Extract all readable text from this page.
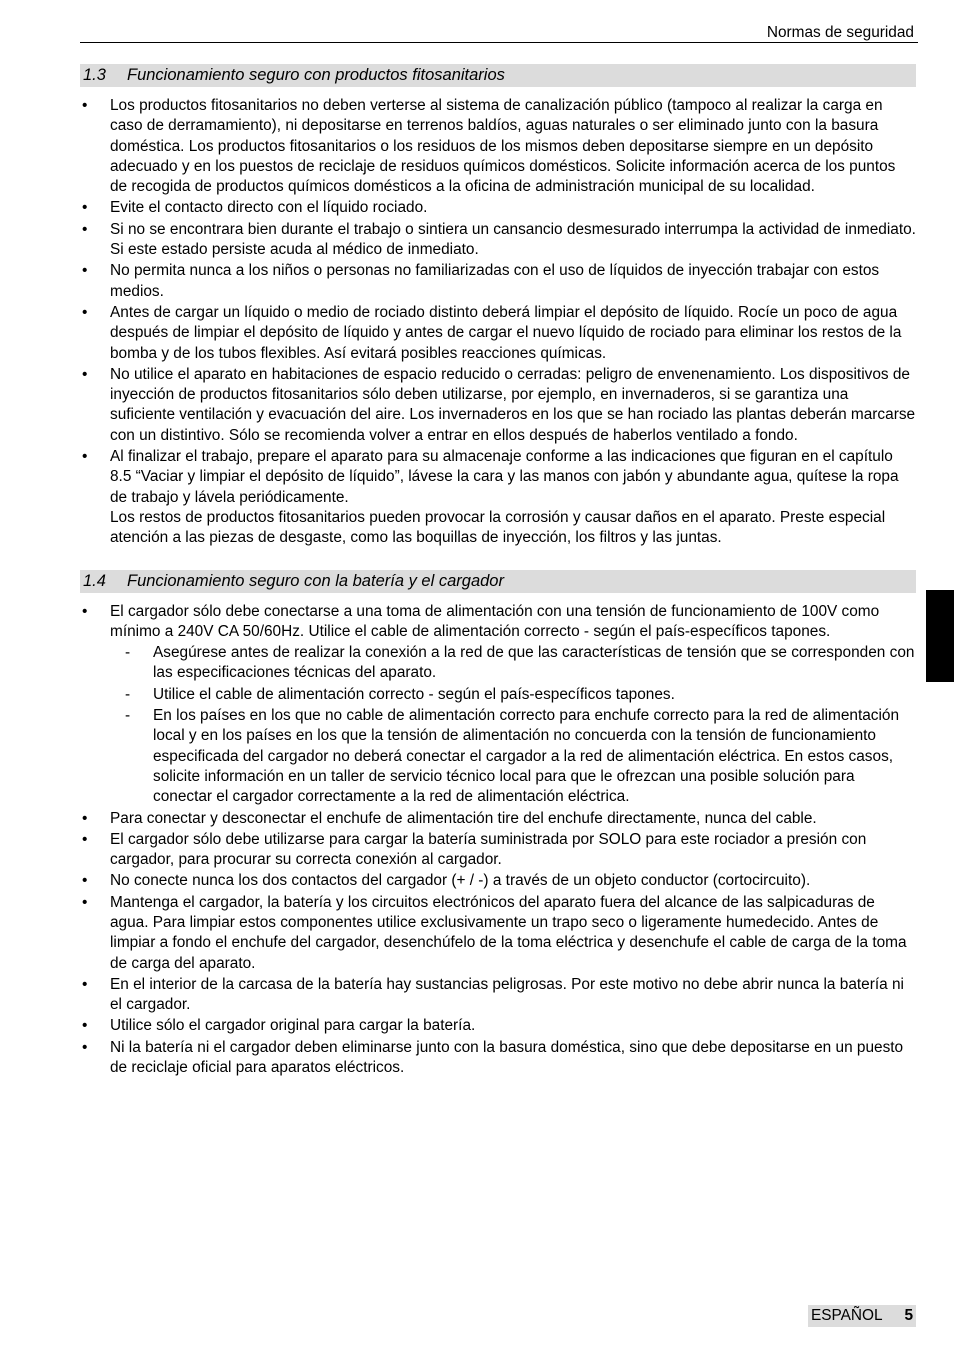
Normas de seguridad
1.3 Funcionamiento seguro con productos fitosanitarios
• Los productos fitosanitarios no deben verterse al sistema de canalización público (tampoco al realizar la carga en caso de derramamiento), ni depositarse en terrenos baldíos, aguas naturales o ser eliminado junto con la basura doméstica. Los productos fitosanitarios o los residuos de los mismos deben depositarse siempre en un depósito adecuado y en los puestos de reciclaje de residuos químicos domésticos. Solicite información acerca de los puntos de recogida de productos químicos domésticos a la oficina de administración municipal de su localidad.
• Evite el contacto directo con el líquido rociado.
• Si no se encontrara bien durante el trabajo o sintiera un cansancio desmesurado interrumpa la actividad de inmediato. Si este estado persiste acuda al médico de inmediato.
• No permita nunca a los niños o personas no familiarizadas con el uso de líquidos de inyección trabajar con estos medios.
• Antes de cargar un líquido o medio de rociado distinto deberá limpiar el depósito de líquido. Rocíe un poco de agua después de limpiar el depósito de líquido y antes de cargar el nuevo líquido de rociado para eliminar los restos de la bomba y de los tubos flexibles. Así evitará posibles reacciones químicas.
• No utilice el aparato en habitaciones de espacio reducido o cerradas: peligro de envenenamiento. Los dispositivos de inyección de productos fitosanitarios sólo deben utilizarse, por ejemplo, en invernaderos, si se garantiza una suficiente ventilación y evacuación del aire. Los invernaderos en los que se han rociado las plantas deberán marcarse con un distintivo. Sólo se recomienda volver a entrar en ellos después de haberlos ventilado a fondo.
• Al finalizar el trabajo, prepare el aparato para su almacenaje conforme a las indicaciones que figuran en el capítulo 8.5 “Vaciar y limpiar el depósito de líquido”, lávese la cara y las manos con jabón y abundante agua, quítese la ropa de trabajo y lávela periódicamente.
Los restos de productos fitosanitarios pueden provocar la corrosión y causar daños en el aparato. Preste especial atención a las piezas de desgaste, como las boquillas de inyección, los filtros y las juntas.
1.4 Funcionamiento seguro con la batería y el cargador
• El cargador sólo debe conectarse a una toma de alimentación con una tensión de funcionamiento de 100V como mínimo a 240V CA 50/60Hz. Utilice el cable de alimentación correcto - según el país-específicos tapones.
- Asegúrese antes de realizar la conexión a la red de que las características de tensión que se corresponden con las especificaciones técnicas del aparato.
- Utilice el cable de alimentación correcto - según el país-específicos tapones.
- En los países en los que no cable de alimentación correcto para enchufe correcto para la red de alimentación local y en los países en los que la tensión de alimentación no concuerda con la tensión de funcionamiento especificada del cargador no deberá conectar el cargador a la red de alimentación eléctrica. En estos casos, solicite información en un taller de servicio técnico local para que le ofrezcan una posible solución para conectar el cargador correctamente a la red de alimentación eléctrica.
• Para conectar y desconectar el enchufe de alimentación tire del enchufe directamente, nunca del cable.
• El cargador sólo debe utilizarse para cargar la batería suministrada por SOLO para este rociador a presión con cargador, para procurar su correcta conexión al cargador.
• No conecte nunca los dos contactos del cargador (+ / -) a través de un objeto conductor (cortocircuito).
• Mantenga el cargador, la batería y los circuitos electrónicos del aparato fuera del alcance de las salpicaduras de agua. Para limpiar estos componentes utilice exclusivamente un trapo seco o ligeramente humedecido. Antes de limpiar a fondo el enchufe del cargador, desenchúfelo de la toma eléctrica y desenchufe el cable de carga de la toma de carga del aparato.
• En el interior de la carcasa de la batería hay sustancias peligrosas. Por este motivo no debe abrir nunca la batería ni el cargador.
• Utilice sólo el cargador original para cargar la batería.
• Ni la batería ni el cargador deben eliminarse junto con la basura doméstica, sino que debe depositarse en un puesto de reciclaje oficial para aparatos eléctricos.
ESPAÑOL 5
